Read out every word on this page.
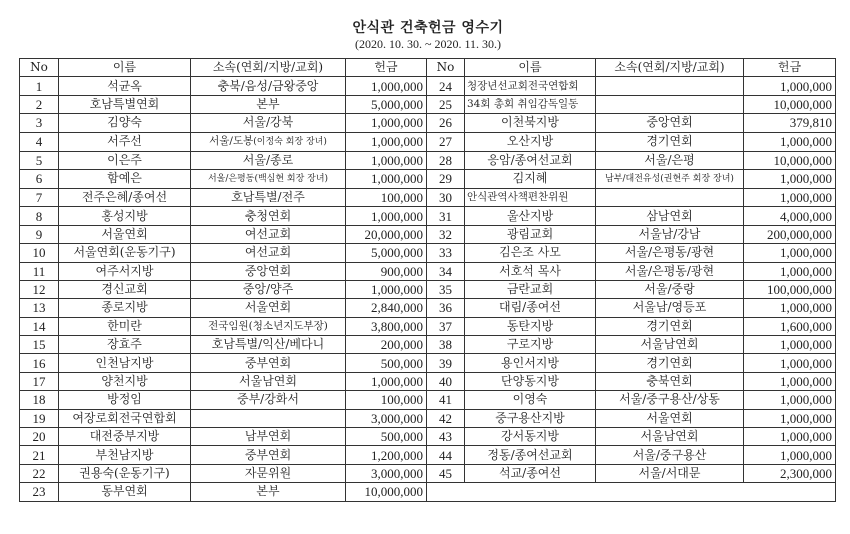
안식관 건축헌금 영수기
(2020. 10. 30. ~ 2020. 11. 30.)
No	이름	소속(연회/지방/교회)	헌금	No	이름	소속(연회/지방/교회)	헌금
1	석균옥	충북/음성/금왕중앙	1,000,000	24	청장년선교회전국연합회		1,000,000
2	호남특별연회	본부	5,000,000	25	34회 총회 취임감독일동		10,000,000
3	김양숙	서울/강북	1,000,000	26	이천북지방	중앙연회	379,810
4	서주선	서울/도봉(이정숙 회장 장녀)	1,000,000	27	오산지방	경기연회	1,000,000
5	이은주	서울/종로	1,000,000	28	응암/종여선교회	서울/은평	10,000,000
6	함예은	서울/은평동(백심현 회장 장녀)	1,000,000	29	김지혜	남부/대전유성(권현주 회장 장녀)	1,000,000
7	전주은혜/종여선	호남특별/전주	100,000	30	안식관역사책편찬위원		1,000,000
8	홍성지방	충청연회	1,000,000	31	울산지방	삼남연회	4,000,000
9	서울연회	여선교회	20,000,000	32	광림교회	서울남/강남	200,000,000
10	서울연회(운동기구)	여선교회	5,000,000	33	김은조 사모	서울/은평동/광현	1,000,000
11	여주서지방	중앙연회	900,000	34	서호석 목사	서울/은평동/광현	1,000,000
12	경신교회	중앙/양주	1,000,000	35	금란교회	서울/중랑	100,000,000
13	종로지방	서울연회	2,840,000	36	대림/종여선	서울남/영등포	1,000,000
14	한미란	전국임원(청소년지도부장)	3,800,000	37	동탄지방	경기연회	1,600,000
15	장효주	호남특별/익산/베다니	200,000	38	구로지방	서울남연회	1,000,000
16	인천남지방	중부연회	500,000	39	용인서지방	경기연회	1,000,000
17	양천지방	서울남연회	1,000,000	40	단양동지방	충북연회	1,000,000
18	방정임	중부/강화서	100,000	41	이영숙	서울/중구용산/상동	1,000,000
19	여장로회전국연합회		3,000,000	42	중구용산지방	서울연회	1,000,000
20	대전중부지방	남부연회	500,000	43	강서동지방	서울남연회	1,000,000
21	부천남지방	중부연회	1,200,000	44	정동/종여선교회	서울/중구용산	1,000,000
22	권용숙(운동기구)	자문위원	3,000,000	45	석교/종여선	서울/서대문	2,300,000
23	동부연회	본부	10,000,000				
